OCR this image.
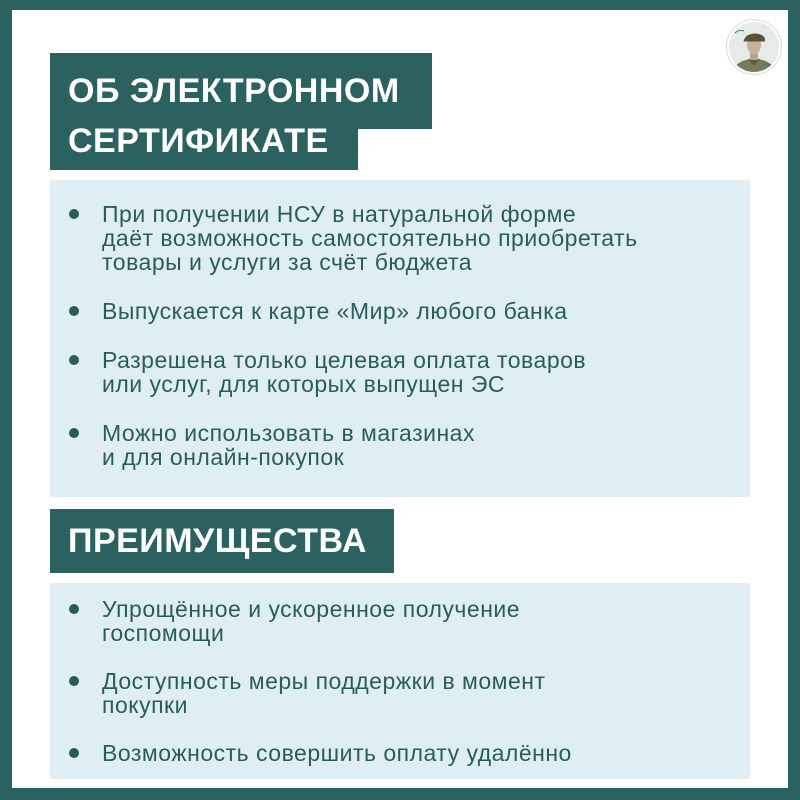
ОБ ЭЛЕКТРОННОМ
СЕРТИФИКАТЕ
При получении НСУ в натуральной форме
даёт возможность самостоятельно приобретать
товары и услуги за счёт бюджета
Выпускается к карте «Мир» любого банка
Разрешена только целевая оплата товаров
или услуг, для которых выпущен ЭС
Можно использовать в магазинах
и для онлайн-покупок
ПРЕИМУЩЕСТВА
Упрощённое и ускоренное получение
госпомощи
Доступность меры поддержки в момент
покупки
Возможность совершить оплату удалённо
